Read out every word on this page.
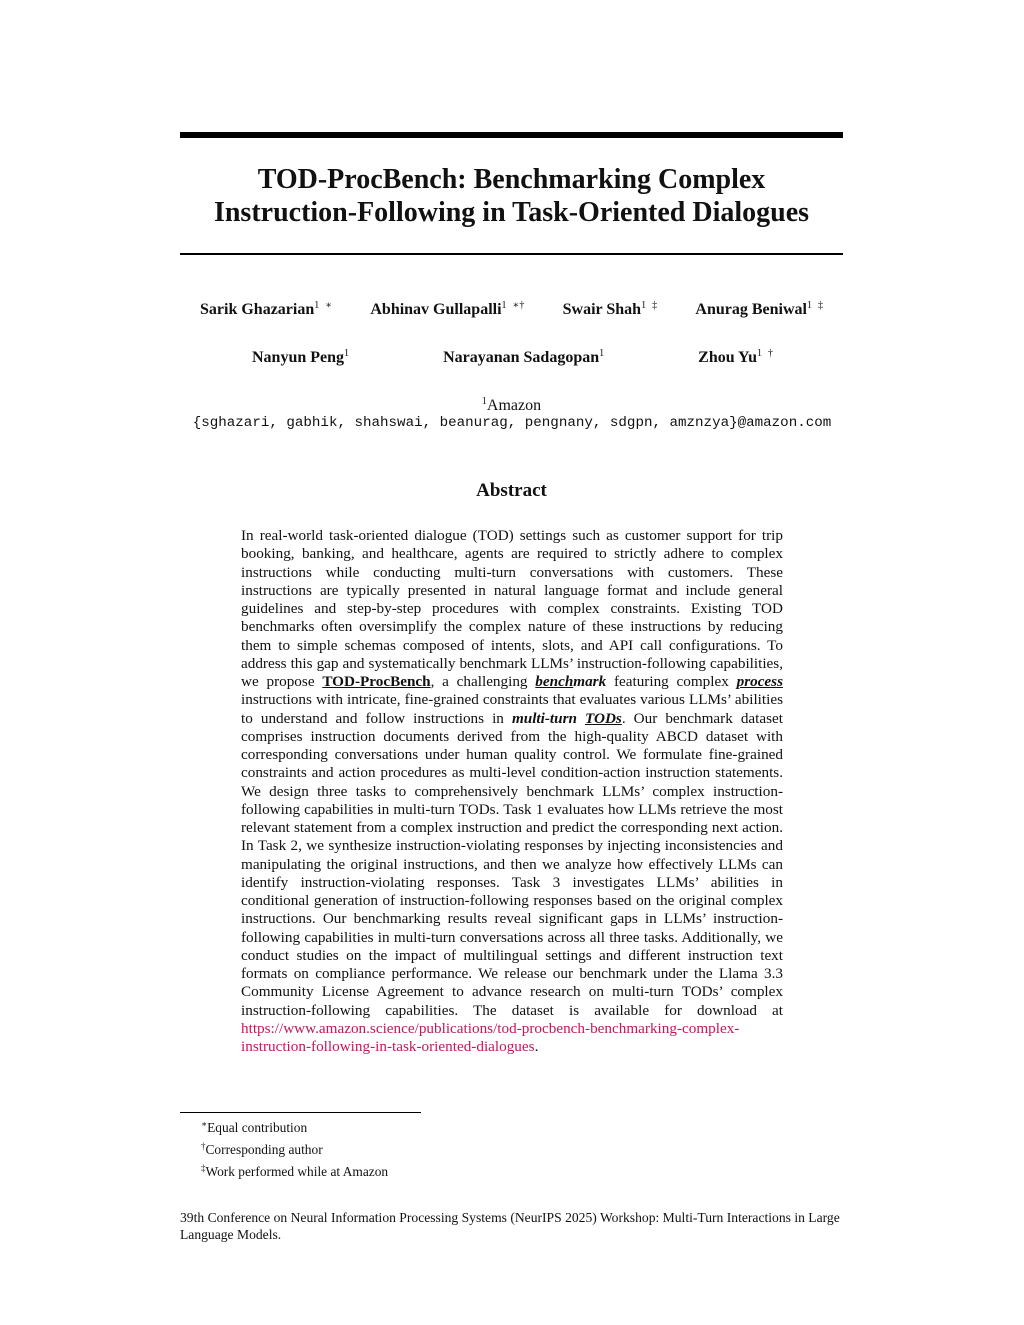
TOD-ProcBench: Benchmarking Complex
Instruction-Following in Task-Oriented Dialogues
Sarik Ghazarian$^{1 ∗}$ Abhinav Gullapalli$^{1 ∗\dagger}$ Swair Shah$^{1 \ddagger}$ Anurag Beniwal$^{1 \ddagger}$
Nanyun Peng$^1$	Narayanan Sadagopan$^1$	Zhou $Yu^{1 \dagger}$
$^1$Amazon
{sghazari, gabhik, shahswai, beanurag, pengnany, sdgpn, amznzya}@amazon.com
Abstract
In real-world task-oriented dialogue (TOD) settings such as customer support for trip booking, banking, and healthcare, agents are required to strictly adhere to complex instructions while conducting multi-turn conversations with customers. These instructions are typically presented in natural language format and include general guidelines and step-by-step procedures with complex constraints. Existing TOD benchmarks often oversimplify the complex nature of these instructions by reducing them to simple schemas composed of intents, slots, and API call configurations. To address this gap and systematically benchmark LLMs’ instruction-following capabilities, we propose TOD-ProcBench, a challenging benchmark featuring complex process instructions with intricate, fine-grained constraints that evaluates various LLMs’ abilities to understand and follow instructions in multi-turn TODs. Our benchmark dataset comprises instruction documents derived from the high-quality ABCD dataset with corresponding conversations under human quality control. We formulate fine-grained constraints and action procedures as multi-level condition-action instruction statements. We design three tasks to comprehensively benchmark LLMs’ complex instruction-following capabilities in multi-turn TODs. Task 1 evaluates how LLMs retrieve the most relevant statement from a complex instruction and predict the corresponding next action. In Task 2, we synthesize instruction-violating responses by injecting inconsistencies and manipulating the original instructions, and then we analyze how effectively LLMs can identify instruction-violating responses. Task 3 investigates LLMs’ abilities in conditional generation of instruction-following responses based on the original complex instructions. Our benchmarking results reveal significant gaps in LLMs’ instruction-following capabilities in multi-turn conversations across all three tasks. Additionally, we conduct studies on the impact of multilingual settings and different instruction text formats on compliance performance. We release our benchmark under the Llama 3.3 Community License Agreement to advance research on multi-turn TODs’ complex instruction-following capabilities. The dataset is available for download at https://www.amazon.science/publications/tod-procbench-benchmarking-complex-instruction-following-in-task-oriented-dialogues.
∗Equal contribution
†Corresponding author
‡Work performed while at Amazon
39th Conference on Neural Information Processing Systems (NeurIPS 2025) Workshop: Multi-Turn Interactions in Large Language Models.
